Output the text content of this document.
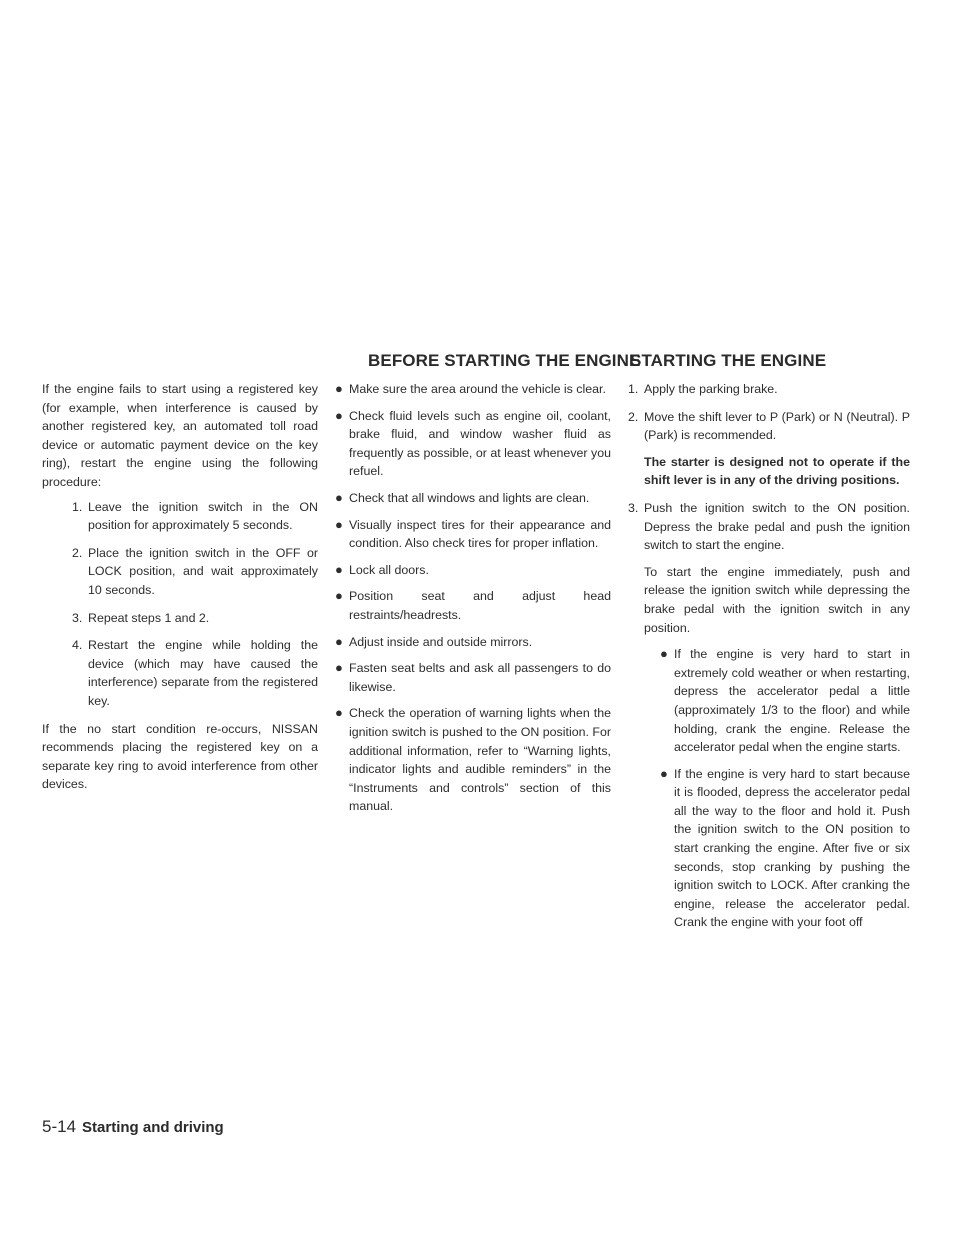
BEFORE STARTING THE ENGINE
STARTING THE ENGINE

If the engine fails to start using a registered key (for example, when interference is caused by another registered key, an automated toll road device or automatic payment device on the key ring), restart the engine using the following procedure:

1. Leave the ignition switch in the ON position for approximately 5 seconds.
2. Place the ignition switch in the OFF or LOCK position, and wait approximately 10 seconds.
3. Repeat steps 1 and 2.
4. Restart the engine while holding the device (which may have caused the interference) separate from the registered key.

If the no start condition re-occurs, NISSAN recommends placing the registered key on a separate key ring to avoid interference from other devices.

● Make sure the area around the vehicle is clear.
● Check fluid levels such as engine oil, coolant, brake fluid, and window washer fluid as frequently as possible, or at least whenever you refuel.
● Check that all windows and lights are clean.
● Visually inspect tires for their appearance and condition. Also check tires for proper inflation.
● Lock all doors.
● Position seat and adjust head restraints/headrests.
● Adjust inside and outside mirrors.
● Fasten seat belts and ask all passengers to do likewise.
● Check the operation of warning lights when the ignition switch is pushed to the ON position. For additional information, refer to “Warning lights, indicator lights and audible reminders” in the “Instruments and controls” section of this manual.
1. Apply the parking brake.
2. Move the shift lever to P (Park) or N (Neutral). P (Park) is recommended.

The starter is designed not to operate if the shift lever is in any of the driving positions.

3. Push the ignition switch to the ON position. Depress the brake pedal and push the ignition switch to start the engine.

To start the engine immediately, push and release the ignition switch while depressing the brake pedal with the ignition switch in any position.

● If the engine is very hard to start in extremely cold weather or when restarting, depress the accelerator pedal a little (approximately 1/3 to the floor) and while holding, crank the engine. Release the accelerator pedal when the engine starts.
● If the engine is very hard to start because it is flooded, depress the accelerator pedal all the way to the floor and hold it. Push the ignition switch to the ON position to start cranking the engine. After five or six seconds, stop cranking by pushing the ignition switch to LOCK. After cranking the engine, release the accelerator pedal. Crank the engine with your foot off
5-14 Starting and driving
